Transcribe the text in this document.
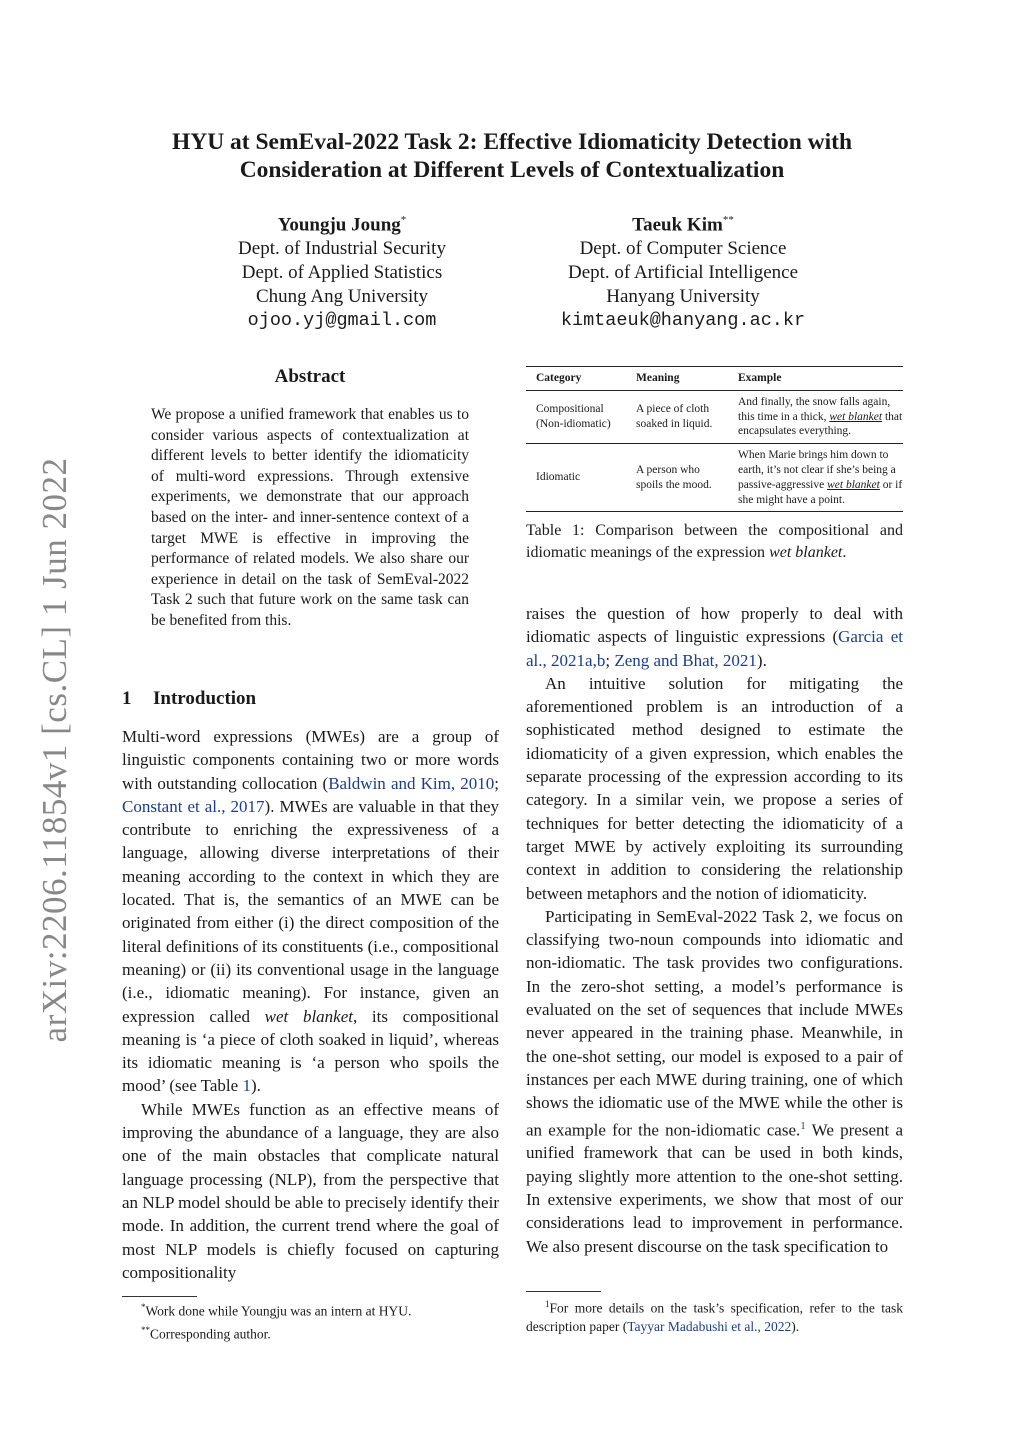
HYU at SemEval-2022 Task 2: Effective Idiomaticity Detection with
Consideration at Different Levels of Contextualization
Youngju Joung*
Dept. of Industrial Security
Dept. of Applied Statistics
Chung Ang University
ojoo.yj@gmail.com
Taeuk Kim**
Dept. of Computer Science
Dept. of Artificial Intelligence
Hanyang University
kimtaeuk@hanyang.ac.kr
arXiv:2206.11854v1 [cs.CL] 1 Jun 2022
Abstract
We propose a unified framework that enables us to consider various aspects of contextualization at different levels to better identify the idiomaticity of multi-word expressions. Through extensive experiments, we demonstrate that our approach based on the inter- and inner-sentence context of a target MWE is effective in improving the performance of related models. We also share our experience in detail on the task of SemEval-2022 Task 2 such that future work on the same task can be benefited from this.
1 Introduction

Multi-word expressions (MWEs) are a group of linguistic components containing two or more words with outstanding collocation (Baldwin and Kim, 2010; Constant et al., 2017). MWEs are valuable in that they contribute to enriching the expressiveness of a language, allowing diverse interpretations of their meaning according to the context in which they are located. That is, the semantics of an MWE can be originated from either (i) the direct composition of the literal definitions of its constituents (i.e., compositional meaning) or (ii) its conventional usage in the language (i.e., idiomatic meaning). For instance, given an expression called wet blanket, its compositional meaning is ‘a piece of cloth soaked in liquid’, whereas its idiomatic meaning is ‘a person who spoils the mood’ (see Table 1).

While MWEs function as an effective means of improving the abundance of a language, they are also one of the main obstacles that complicate natural language processing (NLP), from the perspective that an NLP model should be able to precisely identify their mode. In addition, the current trend where the goal of most NLP models is chiefly focused on capturing compositionality

*Work done while Youngju was an intern at HYU.
**Corresponding author.
Category	Meaning	Example
Compositional (Non-idiomatic)	A piece of cloth soaked in liquid.	And finally, the snow falls again, this time in a thick, wet blanket that encapsulates everything.
Idiomatic	A person who spoils the mood.	When Marie brings him down to earth, it’s not clear if she’s being a passive-aggressive wet blanket or if she might have a point.
Table 1: Comparison between the compositional and idiomatic meanings of the expression wet blanket.

raises the question of how properly to deal with idiomatic aspects of linguistic expressions (Garcia et al., 2021a,b; Zeng and Bhat, 2021).

An intuitive solution for mitigating the aforementioned problem is an introduction of a sophisticated method designed to estimate the idiomaticity of a given expression, which enables the separate processing of the expression according to its category. In a similar vein, we propose a series of techniques for better detecting the idiomaticity of a target MWE by actively exploiting its surrounding context in addition to considering the relationship between metaphors and the notion of idiomaticity.

Participating in SemEval-2022 Task 2, we focus on classifying two-noun compounds into idiomatic and non-idiomatic. The task provides two configurations. In the zero-shot setting, a model’s performance is evaluated on the set of sequences that include MWEs never appeared in the training phase. Meanwhile, in the one-shot setting, our model is exposed to a pair of instances per each MWE during training, one of which shows the idiomatic use of the MWE while the other is an example for the non-idiomatic case.$^1$ We present a unified framework that can be used in both kinds, paying slightly more attention to the one-shot setting. In extensive experiments, we show that most of our considerations lead to improvement in performance. We also present discourse on the task specification to

$^1$For more details on the task’s specification, refer to the task description paper (Tayyar Madabushi et al., 2022).
